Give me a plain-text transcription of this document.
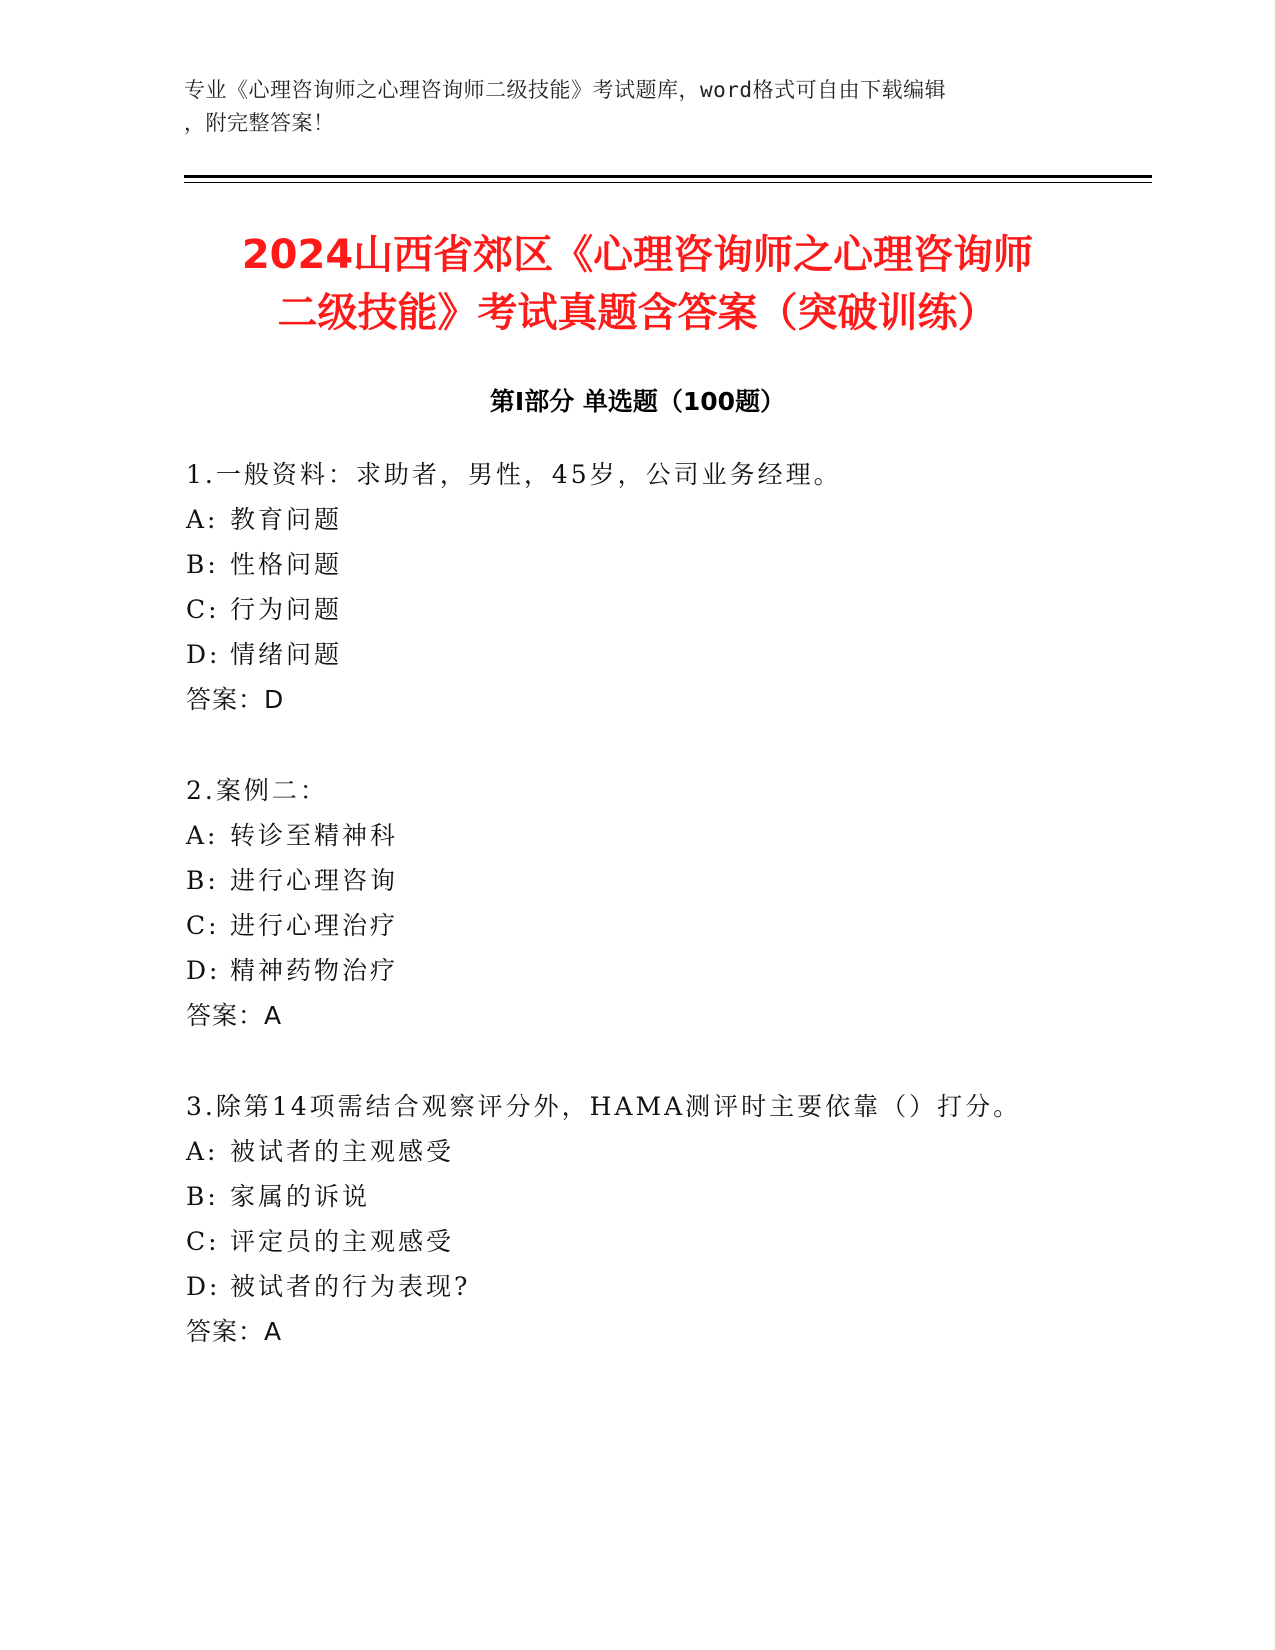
专业《心理咨询师之心理咨询师二级技能》考试题库，word格式可自由下载编辑
，附完整答案！
2024山西省郊区《心理咨询师之心理咨询师
二级技能》考试真题含答案（突破训练）
第Ⅰ部分 单选题（100题）
1.一般资料：求助者，男性，45岁，公司业务经理。
A: 教育问题
B: 性格问题
C: 行为问题
D: 情绪问题
答案：D
2.案例二：
A: 转诊至精神科
B: 进行心理咨询
C: 进行心理治疗
D: 精神药物治疗
答案：A
3.除第14项需结合观察评分外，HAMA测评时主要依靠（）打分。
A: 被试者的主观感受
B: 家属的诉说
C: 评定员的主观感受
D: 被试者的行为表现?
答案：A
